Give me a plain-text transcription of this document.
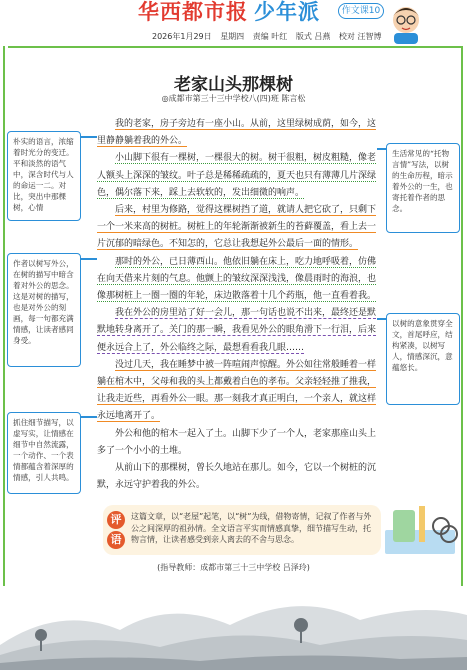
华西都市报 少年派	作文课10
2026年1月29日 星期四 责编 叶红 版式 吕燕 校对 汪智博
老家山头那棵树
◎成都市第三十三中学校八(四)班 陈言松

我的老家，房子旁边有一座小山。从前，这里绿树成荫，如今，这里静静躺着我的外公。

小山脚下很有一棵树，一棵很大的树。树干很粗，树皮粗糙，像老人额头上深深的皱纹。叶子总是稀稀疏疏的，夏天也只有薄薄几片深绿色，偶尔落下来，踩上去软软的，发出细微的响声。

后来，村里为修路，觉得这棵树挡了道，就请人把它砍了，只剩下一个一米来高的树桩。树桩上的年轮渐渐被新生的苔藓覆盖，看上去一片沉郁的暗绿色。不知怎的，它总让我想起外公最后一面的情形。

那时的外公，已日薄西山。他依旧躺在床上，吃力地呼吸着，仿佛在向天借来片刻的气息。他颤上的皱纹深深浅浅，像晨雨时的海浪，也像那树桩上一圈一圈的年轮，床边散落着十几个药瓶，他一直看着我。

我在外公的房里站了好一会儿，那一句话也说不出来，最终还是默默地转身离开了。关门的那一瞬，我看见外公的眼角滑下一行泪，后来便永远合上了，外公临终之际，最想看看我几眼……

没过几天，我在睡梦中被一阵喧闹声惊醒。外公如往常般睡着一样躺在棺木中，父母和我的头上都戴着白色的孝布。父亲轻轻推了推我，让我走近些，再看外公一眼。那一刻我才真正明白，一个亲人，就这样永远地离开了。

外公和他的棺木一起入了土。山脚下少了一个人，老家那座山头上多了一个小小的土堆。

从前山下的那棵树，曾长久地站在那儿。如今，它以一个树桩的沉默，永远守护着我的外公。

朴实的语言，浓缩着时光分的变迁。平和淡然的语气中，深含时代与人的命运一二。对比，突出中那棵树，心情

作者以树写外公，在树的描写中暗含着对外公的思念。这是对树的描写，也是对外公的刻画，每一句都充满情感，让读者感同身受。

抓住细节描写，以虚写实，让情感在细节中自然流露，一个动作、一个表情都蕴含着深厚的情感，引人共鸣。

生活常见的“托物言情”写法，以树的生命历程，暗示着外公的一生，也寄托着作者的思念。

以树的意象贯穿全文，首尾呼应，结构紧凑，以树写人，情感深沉，意蕴悠长。

评
语
这篇文章，以“老屋”起笔，以“树”为线，借物寄情，记叙了作者与外公之间深厚的祖孙情。全文语言平实而情感真挚，细节描写生动，托物言情，让读者感受到亲人离去的不舍与思念。
(指导教师：成都市第三十三中学校 吕泽玲)
